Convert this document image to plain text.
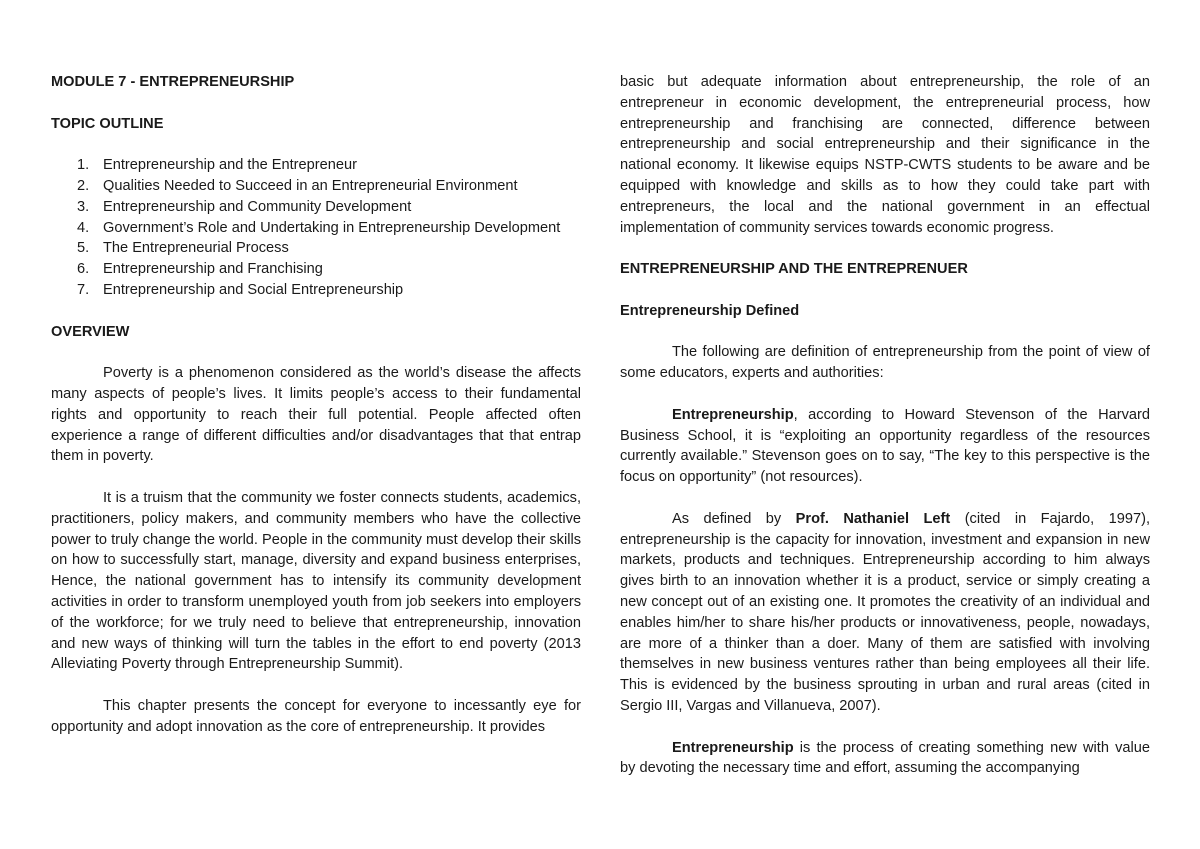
MODULE 7 - ENTREPRENEURSHIP
TOPIC OUTLINE
1. Entrepreneurship and the Entrepreneur
2. Qualities Needed to Succeed in an Entrepreneurial Environment
3. Entrepreneurship and Community Development
4. Government’s Role and Undertaking in Entrepreneurship Development
5. The Entrepreneurial Process
6. Entrepreneurship and Franchising
7. Entrepreneurship and Social Entrepreneurship
OVERVIEW

Poverty is a phenomenon considered as the world’s disease the affects many aspects of people’s lives. It limits people’s access to their fundamental rights and opportunity to reach their full potential. People affected often experience a range of different difficulties and/or disadvantages that that entrap them in poverty.

It is a truism that the community we foster connects students, academics, practitioners, policy makers, and community members who have the collective power to truly change the world. People in the community must develop their skills on how to successfully start, manage, diversity and expand business enterprises, Hence, the national government has to intensify its community development activities in order to transform unemployed youth from job seekers into employers of the workforce; for we truly need to believe that entrepreneurship, innovation and new ways of thinking will turn the tables in the effort to end poverty (2013 Alleviating Poverty through Entrepreneurship Summit).

This chapter presents the concept for everyone to incessantly eye for opportunity and adopt innovation as the core of entrepreneurship. It provides

basic but adequate information about entrepreneurship, the role of an entrepreneur in economic development, the entrepreneurial process, how entrepreneurship and franchising are connected, difference between entrepreneurship and social entrepreneurship and their significance in the national economy. It likewise equips NSTP-CWTS students to be aware and be equipped with knowledge and skills as to how they could take part with entrepreneurs, the local and the national government in an effectual implementation of community services towards economic progress.

ENTREPRENEURSHIP AND THE ENTREPRENUER
Entrepreneurship Defined

The following are definition of entrepreneurship from the point of view of some educators, experts and authorities:

Entrepreneurship, according to Howard Stevenson of the Harvard Business School, it is “exploiting an opportunity regardless of the resources currently available.” Stevenson goes on to say, “The key to this perspective is the focus on opportunity” (not resources).

As defined by Prof. Nathaniel Left (cited in Fajardo, 1997), entrepreneurship is the capacity for innovation, investment and expansion in new markets, products and techniques. Entrepreneurship according to him always gives birth to an innovation whether it is a product, service or simply creating a new concept out of an existing one. It promotes the creativity of an individual and enables him/her to share his/her products or innovativeness, people, nowadays, are more of a thinker than a doer. Many of them are satisfied with involving themselves in new business ventures rather than being employees all their life. This is evidenced by the business sprouting in urban and rural areas (cited in Sergio III, Vargas and Villanueva, 2007).

Entrepreneurship is the process of creating something new with value by devoting the necessary time and effort, assuming the accompanying
